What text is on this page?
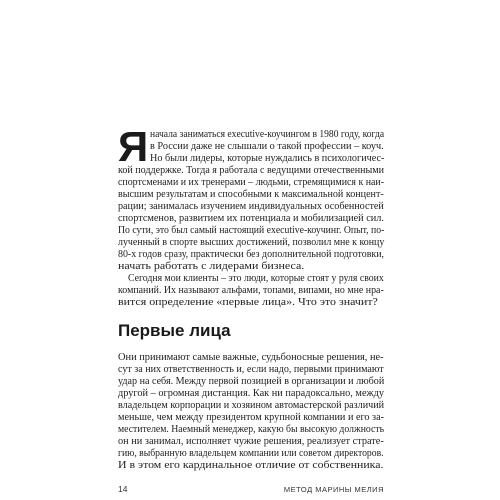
Я начала заниматься executive-коучингом в 1980 году, когда
в России даже не слышали о такой профессии – коуч.
Но были лидеры, которые нуждались в психологичес-
кой поддержке. Тогда я работала с ведущими отечественными
спортсменами и их тренерами – людьми, стремящимися к наи-
высшим результатам и способными к максимальной концент-
рации; занималась изучением индивидуальных особенностей
спортсменов, развитием их потенциала и мобилизацией сил.
По сути, это был самый настоящий executive-коучинг. Опыт, по-
лученный в спорте высших достижений, позволил мне к концу
80-х годов сразу, практически без дополнительной подготовки,
начать работать с лидерами бизнеса.
Сегодня мои клиенты – это люди, которые стоят у руля своих
компаний. Их называют альфами, топами, випами, но мне нра-
вится определение «первые лица». Что это значит?
Первые лица
Они принимают самые важные, судьбоносные решения, не-
сут за них ответственность и, если надо, первыми принимают
удар на себя. Между первой позицией в организации и любой
другой – огромная дистанция. Как ни парадоксально, между
владельцем корпорации и хозяином автомастерской различий
меньше, чем между президентом крупной компании и его за-
местителем. Наемный менеджер, какую бы высокую должность
он ни занимал, исполняет чужие решения, реализует страте-
гию, выбранную владельцем компании или советом директоров.
И в этом его кардинальное отличие от собственника.
14	МЕТОД МАРИНЫ МЕЛИЯ
